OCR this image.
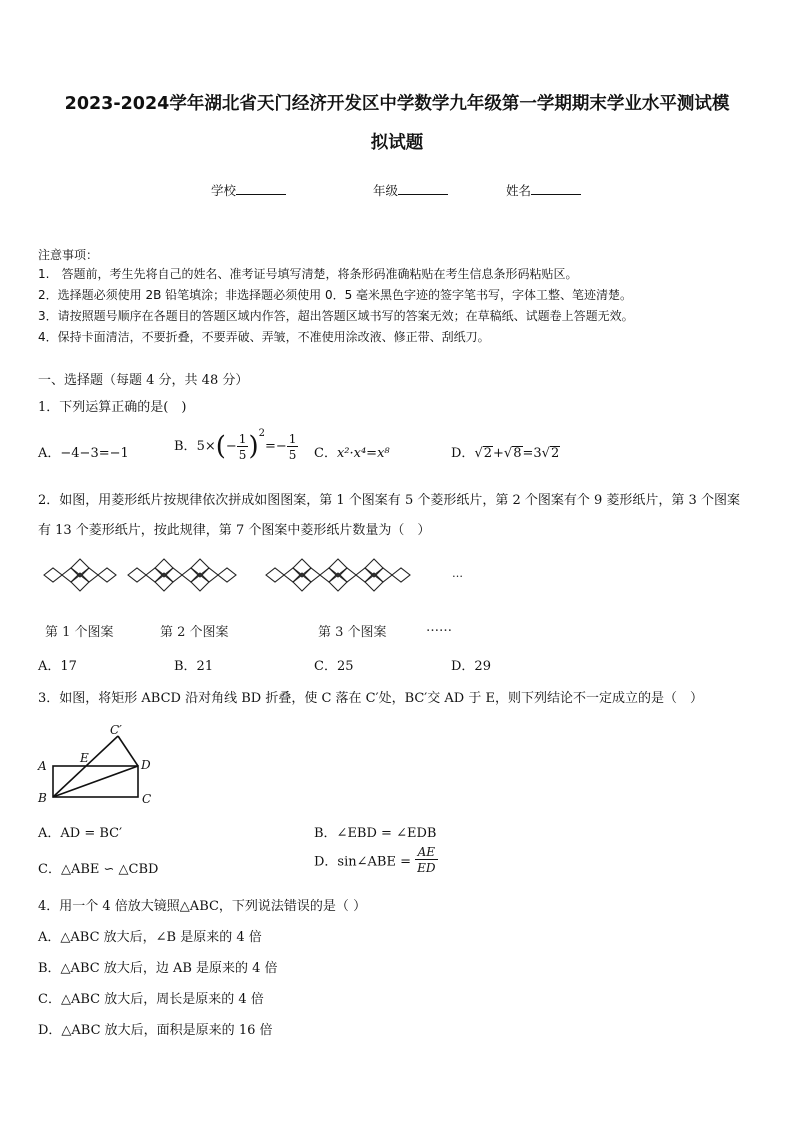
2023-2024学年湖北省天门经济开发区中学数学九年级第一学期期末学业水平测试模
拟试题
学校	年级	姓名
注意事项：
1.　答题前，考生先将自己的姓名、准考证号填写清楚，将条形码准确粘贴在考生信息条形码粘贴区。
2．选择题必须使用 2B 铅笔填涂；非选择题必须使用 0．5 毫米黑色字迹的签字笔书写，字体工整、笔迹清楚。
3．请按照题号顺序在各题目的答题区域内作答，超出答题区域书写的答案无效；在草稿纸、试题卷上答题无效。
4．保持卡面清洁，不要折叠，不要弄破、弄皱，不准使用涂改液、修正带、刮纸刀。
一、选择题（每题 4 分，共 48 分）
1．下列运算正确的是(　)
A．−4−3=−1	B．$5\times(- \frac{1}{5} )^2=- \frac{1}{5}$ C．x²·x⁴=x⁸	D．√2+√8=3√2
2．如图，用菱形纸片按规律依次拼成如图图案，第 1 个图案有 5 个菱形纸片，第 2 个图案有个 9 菱形纸片，第 3 个图案
有 13 个菱形纸片，按此规律，第 7 个图案中菱形纸片数量为（　）
…
第 1 个图案	第 2 个图案	第 3 个图案	……
A．17	B．21	C．25	D．29
3．如图，将矩形 ABCD 沿对角线 BD 折叠，使 C 落在 C′处，BC′交 AD 于 E，则下列结论不一定成立的是（　）
A
B	C
D
E
C′
A．AD = BC′	B．∠EBD = ∠EDB
C．△ABE ∽ △CBD	D．sin∠ABE = $\frac{AE}{ED}$
4．用一个 4 倍放大镜照△ABC，下列说法错误的是（ ）
A．△ABC 放大后，∠B 是原来的 4 倍
B．△ABC 放大后，边 AB 是原来的 4 倍
C．△ABC 放大后，周长是原来的 4 倍
D．△ABC 放大后，面积是原来的 16 倍
